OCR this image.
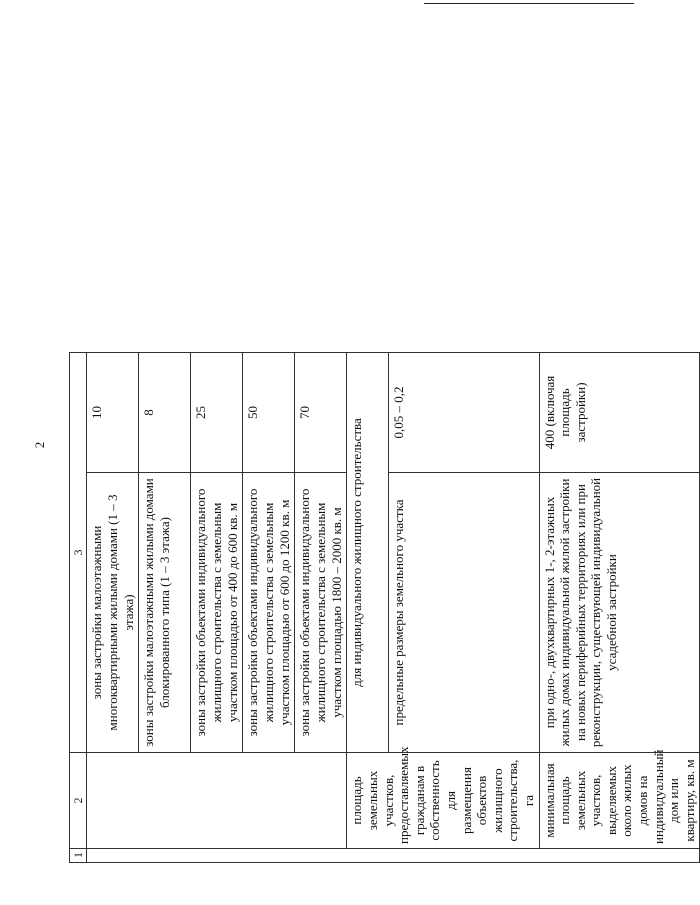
2
1	2	3	
		зоны застройки малоэтажными многоквартирными жилыми домами (1 – 3 этажа)	10
		зоны застройки малоэтажными жилыми домами блокированного типа (1 – 3 этажа)	8
		зоны застройки объектами индивидуального жилищного строительства с земельным участком площадью от 400 до 600 кв. м	25
		зоны застройки объектами индивидуального жилищного строительства с земельным участком площадью от 600 до 1200 кв. м	50
		зоны застройки объектами индивидуального жилищного строительства с земельным участком площадью 1800 – 2000 кв. м	70
	площадь земельных участков, предоставляемых гражданам в собственность для размещения объектов жилищного строительства, га	для индивидуального жилищного строительства	
		предельные размеры земельного участка	0,05 – 0,2
	минимальная площадь земельных участков, выделяемых около жилых домов на индивидуальный дом или квартиру, кв. м	при одно-, двухквартирных 1-, 2-этажных жилых домах индивидуальной жилой застройки на новых периферийных территориях или при реконструкции, существующей индивидуальной усадебной застройки	400 (включая площадь застройки)
